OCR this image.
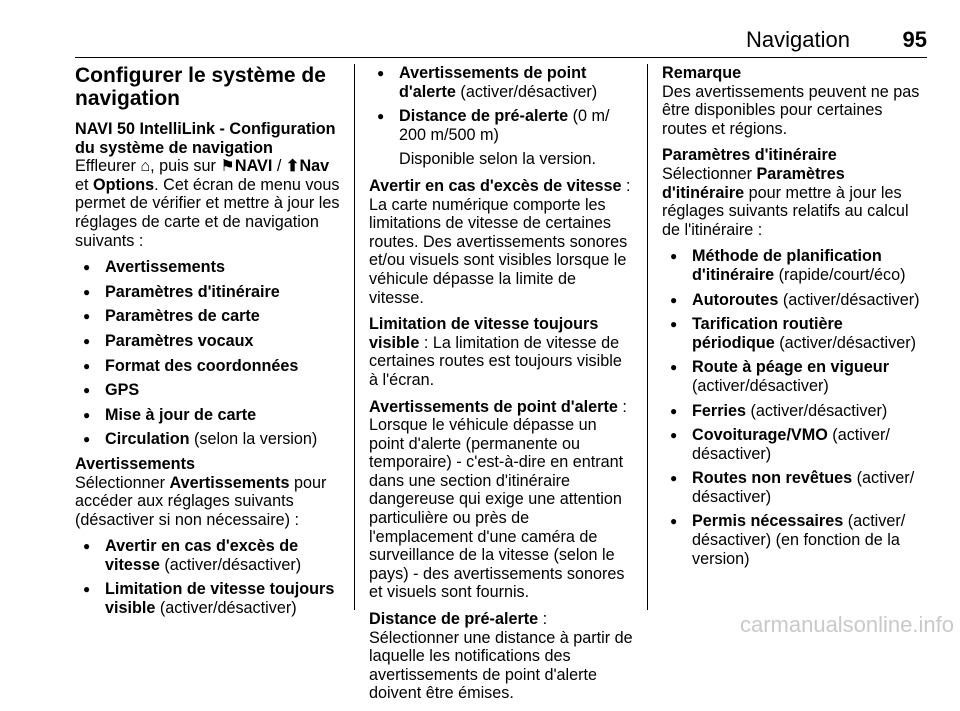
Navigation 95
Configurer le système de navigation
NAVI 50 IntelliLink - Configuration du système de navigation

Effleurer ⌂, puis sur ⚑NAVI / ⬆Nav et Options. Cet écran de menu vous permet de vérifier et mettre à jour les réglages de carte et de navigation suivants :

● Avertissements
● Paramètres d'itinéraire
● Paramètres de carte
● Paramètres vocaux
● Format des coordonnées
● GPS
● Mise à jour de carte
● Circulation (selon la version)
Avertissements

Sélectionner Avertissements pour accéder aux réglages suivants (désactiver si non nécessaire) :

● Avertir en cas d'excès de vitesse (activer/désactiver)
● Limitation de vitesse toujours visible (activer/désactiver)
● Avertissements de point d'alerte (activer/désactiver)
● Distance de pré-alerte (0 m/ 200 m/500 m)

Disponible selon la version.

Avertir en cas d'excès de vitesse : La carte numérique comporte les limitations de vitesse de certaines routes. Des avertissements sonores et/ou visuels sont visibles lorsque le véhicule dépasse la limite de vitesse.

Limitation de vitesse toujours visible : La limitation de vitesse de certaines routes est toujours visible à l'écran.

Avertissements de point d'alerte : Lorsque le véhicule dépasse un point d'alerte (permanente ou temporaire) - c'est-à-dire en entrant dans une section d'itinéraire dangereuse qui exige une attention particulière ou près de l'emplacement d'une caméra de surveillance de la vitesse (selon le pays) - des avertissements sonores et visuels sont fournis.

Distance de pré-alerte : Sélectionner une distance à partir de laquelle les notifications des avertissements de point d'alerte doivent être émises.

Remarque

Des avertissements peuvent ne pas être disponibles pour certaines routes et régions.

Paramètres d'itinéraire

Sélectionner Paramètres d'itinéraire pour mettre à jour les réglages suivants relatifs au calcul de l'itinéraire :

● Méthode de planification d'itinéraire (rapide/court/éco)
● Autoroutes (activer/désactiver)
● Tarification routière périodique (activer/désactiver)
● Route à péage en vigueur (activer/désactiver)
● Ferries (activer/désactiver)
● Covoiturage/VMO (activer/ désactiver)
● Routes non revêtues (activer/ désactiver)
● Permis nécessaires (activer/ désactiver) (en fonction de la version)
carmanualsonline.info
